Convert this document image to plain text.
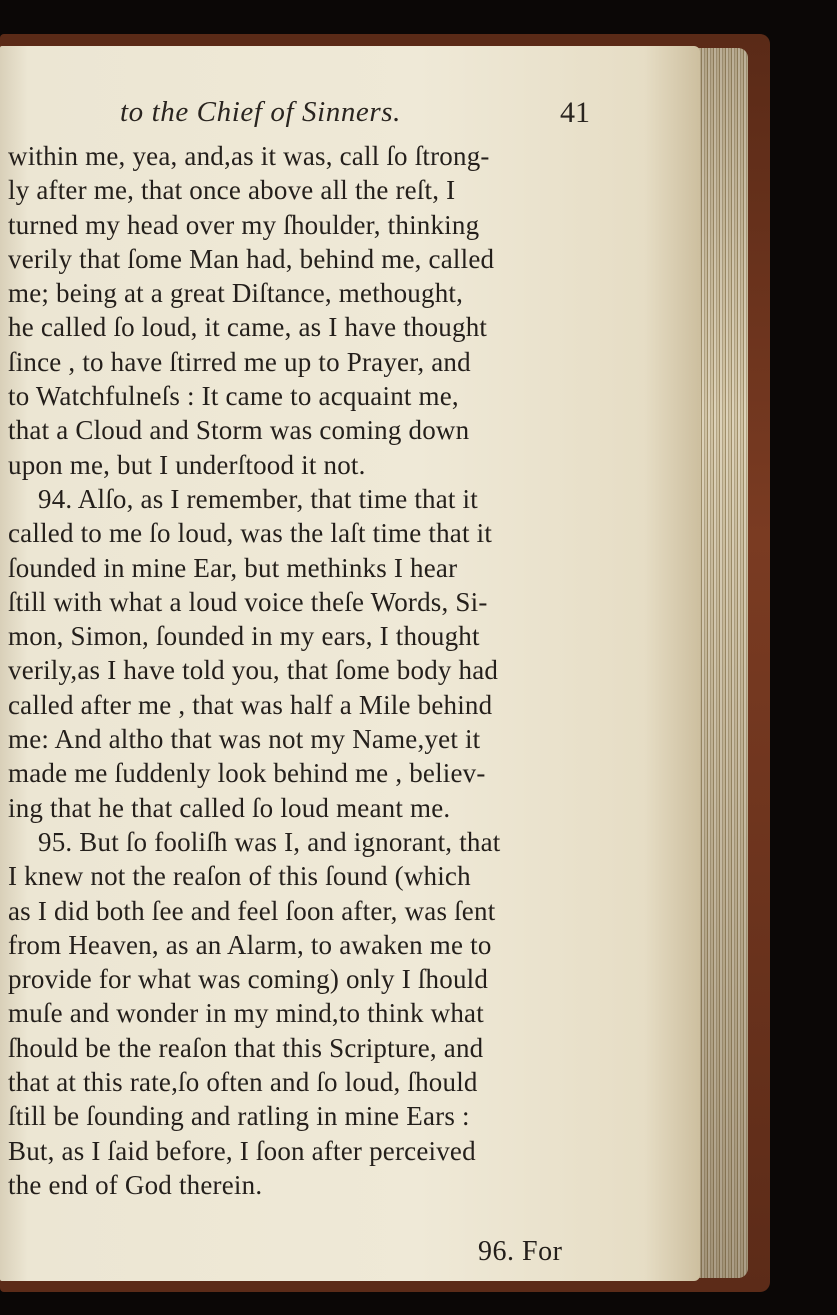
to the Chief of Sinners.	41
within me, yea, and,as it was, call ſo ſtrong-
ly after me, that once above all the reſt, I
turned my head over my ſhoulder, thinking
verily that ſome Man had, behind me, called
me; being at a great Diſtance, methought,
he called ſo loud, it came, as I have thought
ſince , to have ſtirred me up to Prayer, and
to Watchfulneſs : It came to acquaint me,
that a Cloud and Storm was coming down
upon me, but I underſtood it not.
94. Alſo, as I remember, that time that it
called to me ſo loud, was the laſt time that it
ſounded in mine Ear, but methinks I hear
ſtill with what a loud voice theſe Words, Si-
mon, Simon, ſounded in my ears, I thought
verily,as I have told you, that ſome body had
called after me , that was half a Mile behind
me: And altho that was not my Name,yet it
made me ſuddenly look behind me , believ-
ing that he that called ſo loud meant me.
95. But ſo fooliſh was I, and ignorant, that
I knew not the reaſon of this ſound (which
as I did both ſee and feel ſoon after, was ſent
from Heaven, as an Alarm, to awaken me to
provide for what was coming) only I ſhould
muſe and wonder in my mind,to think what
ſhould be the reaſon that this Scripture, and
that at this rate,ſo often and ſo loud, ſhould
ſtill be ſounding and ratling in mine Ears :
But, as I ſaid before, I ſoon after perceived
the end of God therein.
96. For
